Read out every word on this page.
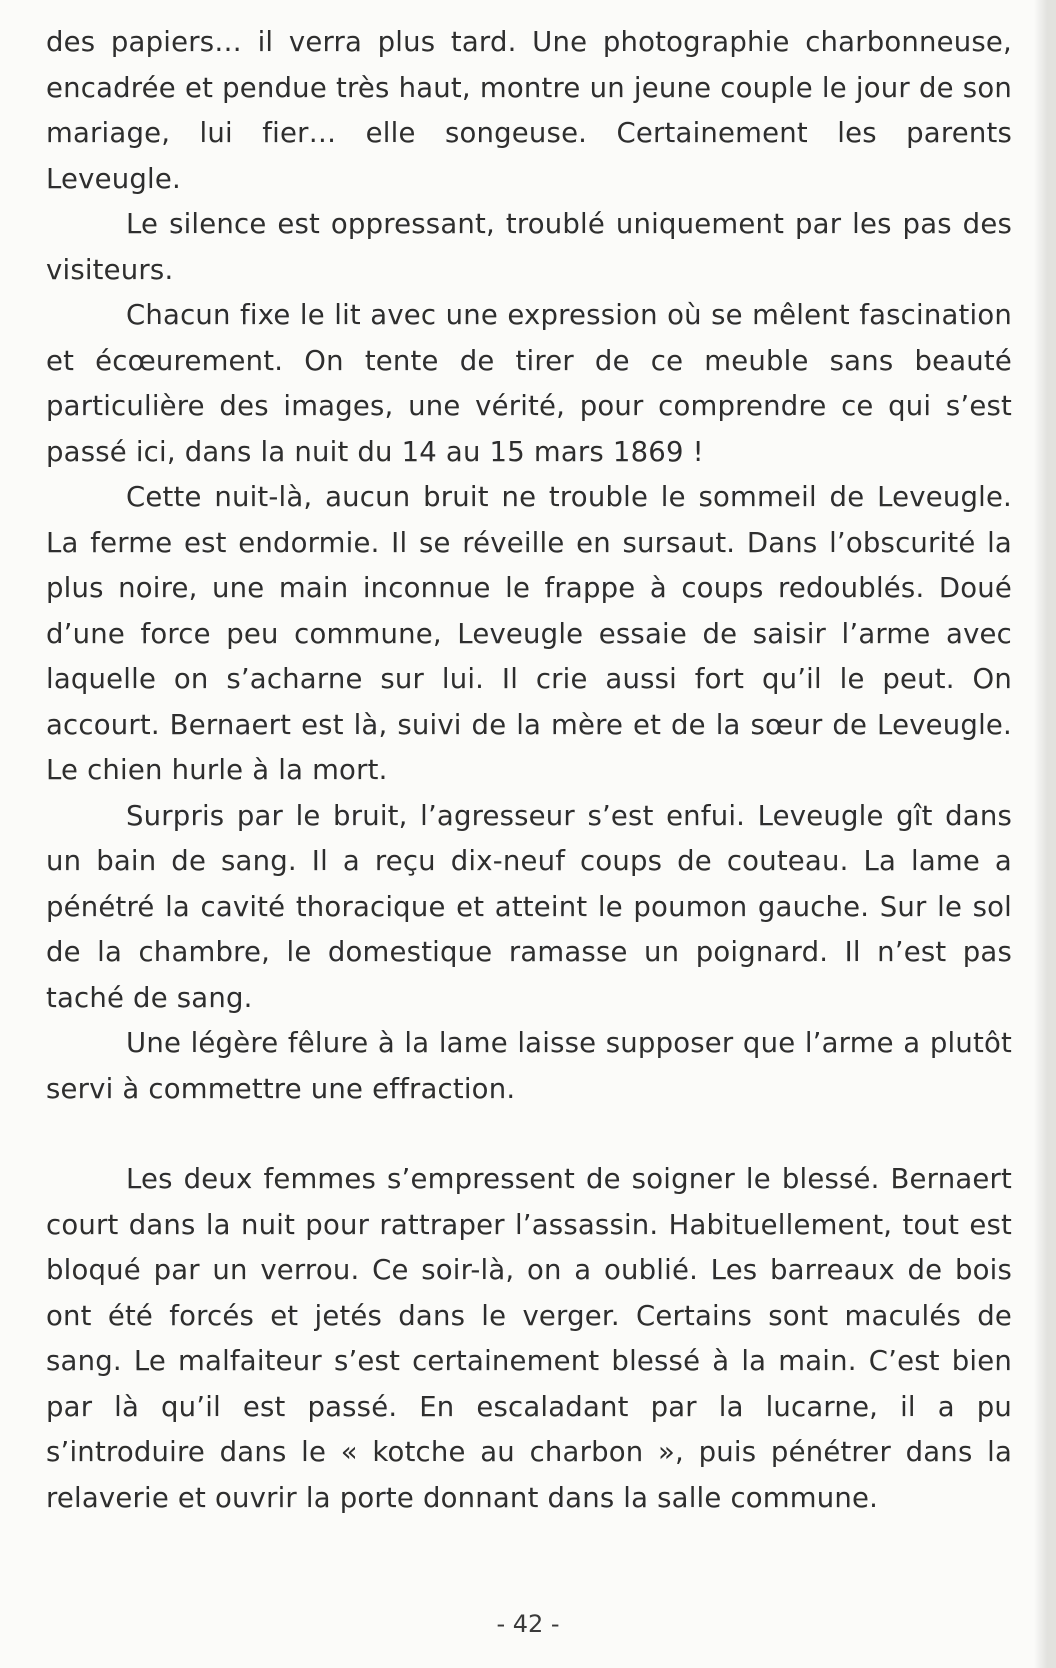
des papiers… il verra plus tard. Une photographie charbonneuse, encadrée et pendue très haut, montre un jeune couple le jour de son mariage, lui fier… elle songeuse. Certainement les parents Leveugle.

Le silence est oppressant, troublé uniquement par les pas des visiteurs.

Chacun fixe le lit avec une expression où se mêlent fascination et écœurement. On tente de tirer de ce meuble sans beauté particulière des images, une vérité, pour comprendre ce qui s’est passé ici, dans la nuit du 14 au 15 mars 1869 !

Cette nuit-là, aucun bruit ne trouble le sommeil de Leveugle. La ferme est endormie. Il se réveille en sursaut. Dans l’obscurité la plus noire, une main inconnue le frappe à coups redoublés. Doué d’une force peu commune, Leveugle essaie de saisir l’arme avec laquelle on s’acharne sur lui. Il crie aussi fort qu’il le peut. On accourt. Bernaert est là, suivi de la mère et de la sœur de Leveugle. Le chien hurle à la mort.

Surpris par le bruit, l’agresseur s’est enfui. Leveugle gît dans un bain de sang. Il a reçu dix-neuf coups de couteau. La lame a pénétré la cavité thoracique et atteint le poumon gauche. Sur le sol de la chambre, le domestique ramasse un poignard. Il n’est pas taché de sang.

Une légère fêlure à la lame laisse supposer que l’arme a plutôt servi à commettre une effraction.

Les deux femmes s’empressent de soigner le blessé. Bernaert court dans la nuit pour rattraper l’assassin. Habituellement, tout est bloqué par un verrou. Ce soir-là, on a oublié. Les barreaux de bois ont été forcés et jetés dans le verger. Certains sont maculés de sang. Le malfaiteur s’est certainement blessé à la main. C’est bien par là qu’il est passé. En escaladant par la lucarne, il a pu s’introduire dans le « kotche au charbon », puis pénétrer dans la relaverie et ouvrir la porte donnant dans la salle commune.

- 42 -
